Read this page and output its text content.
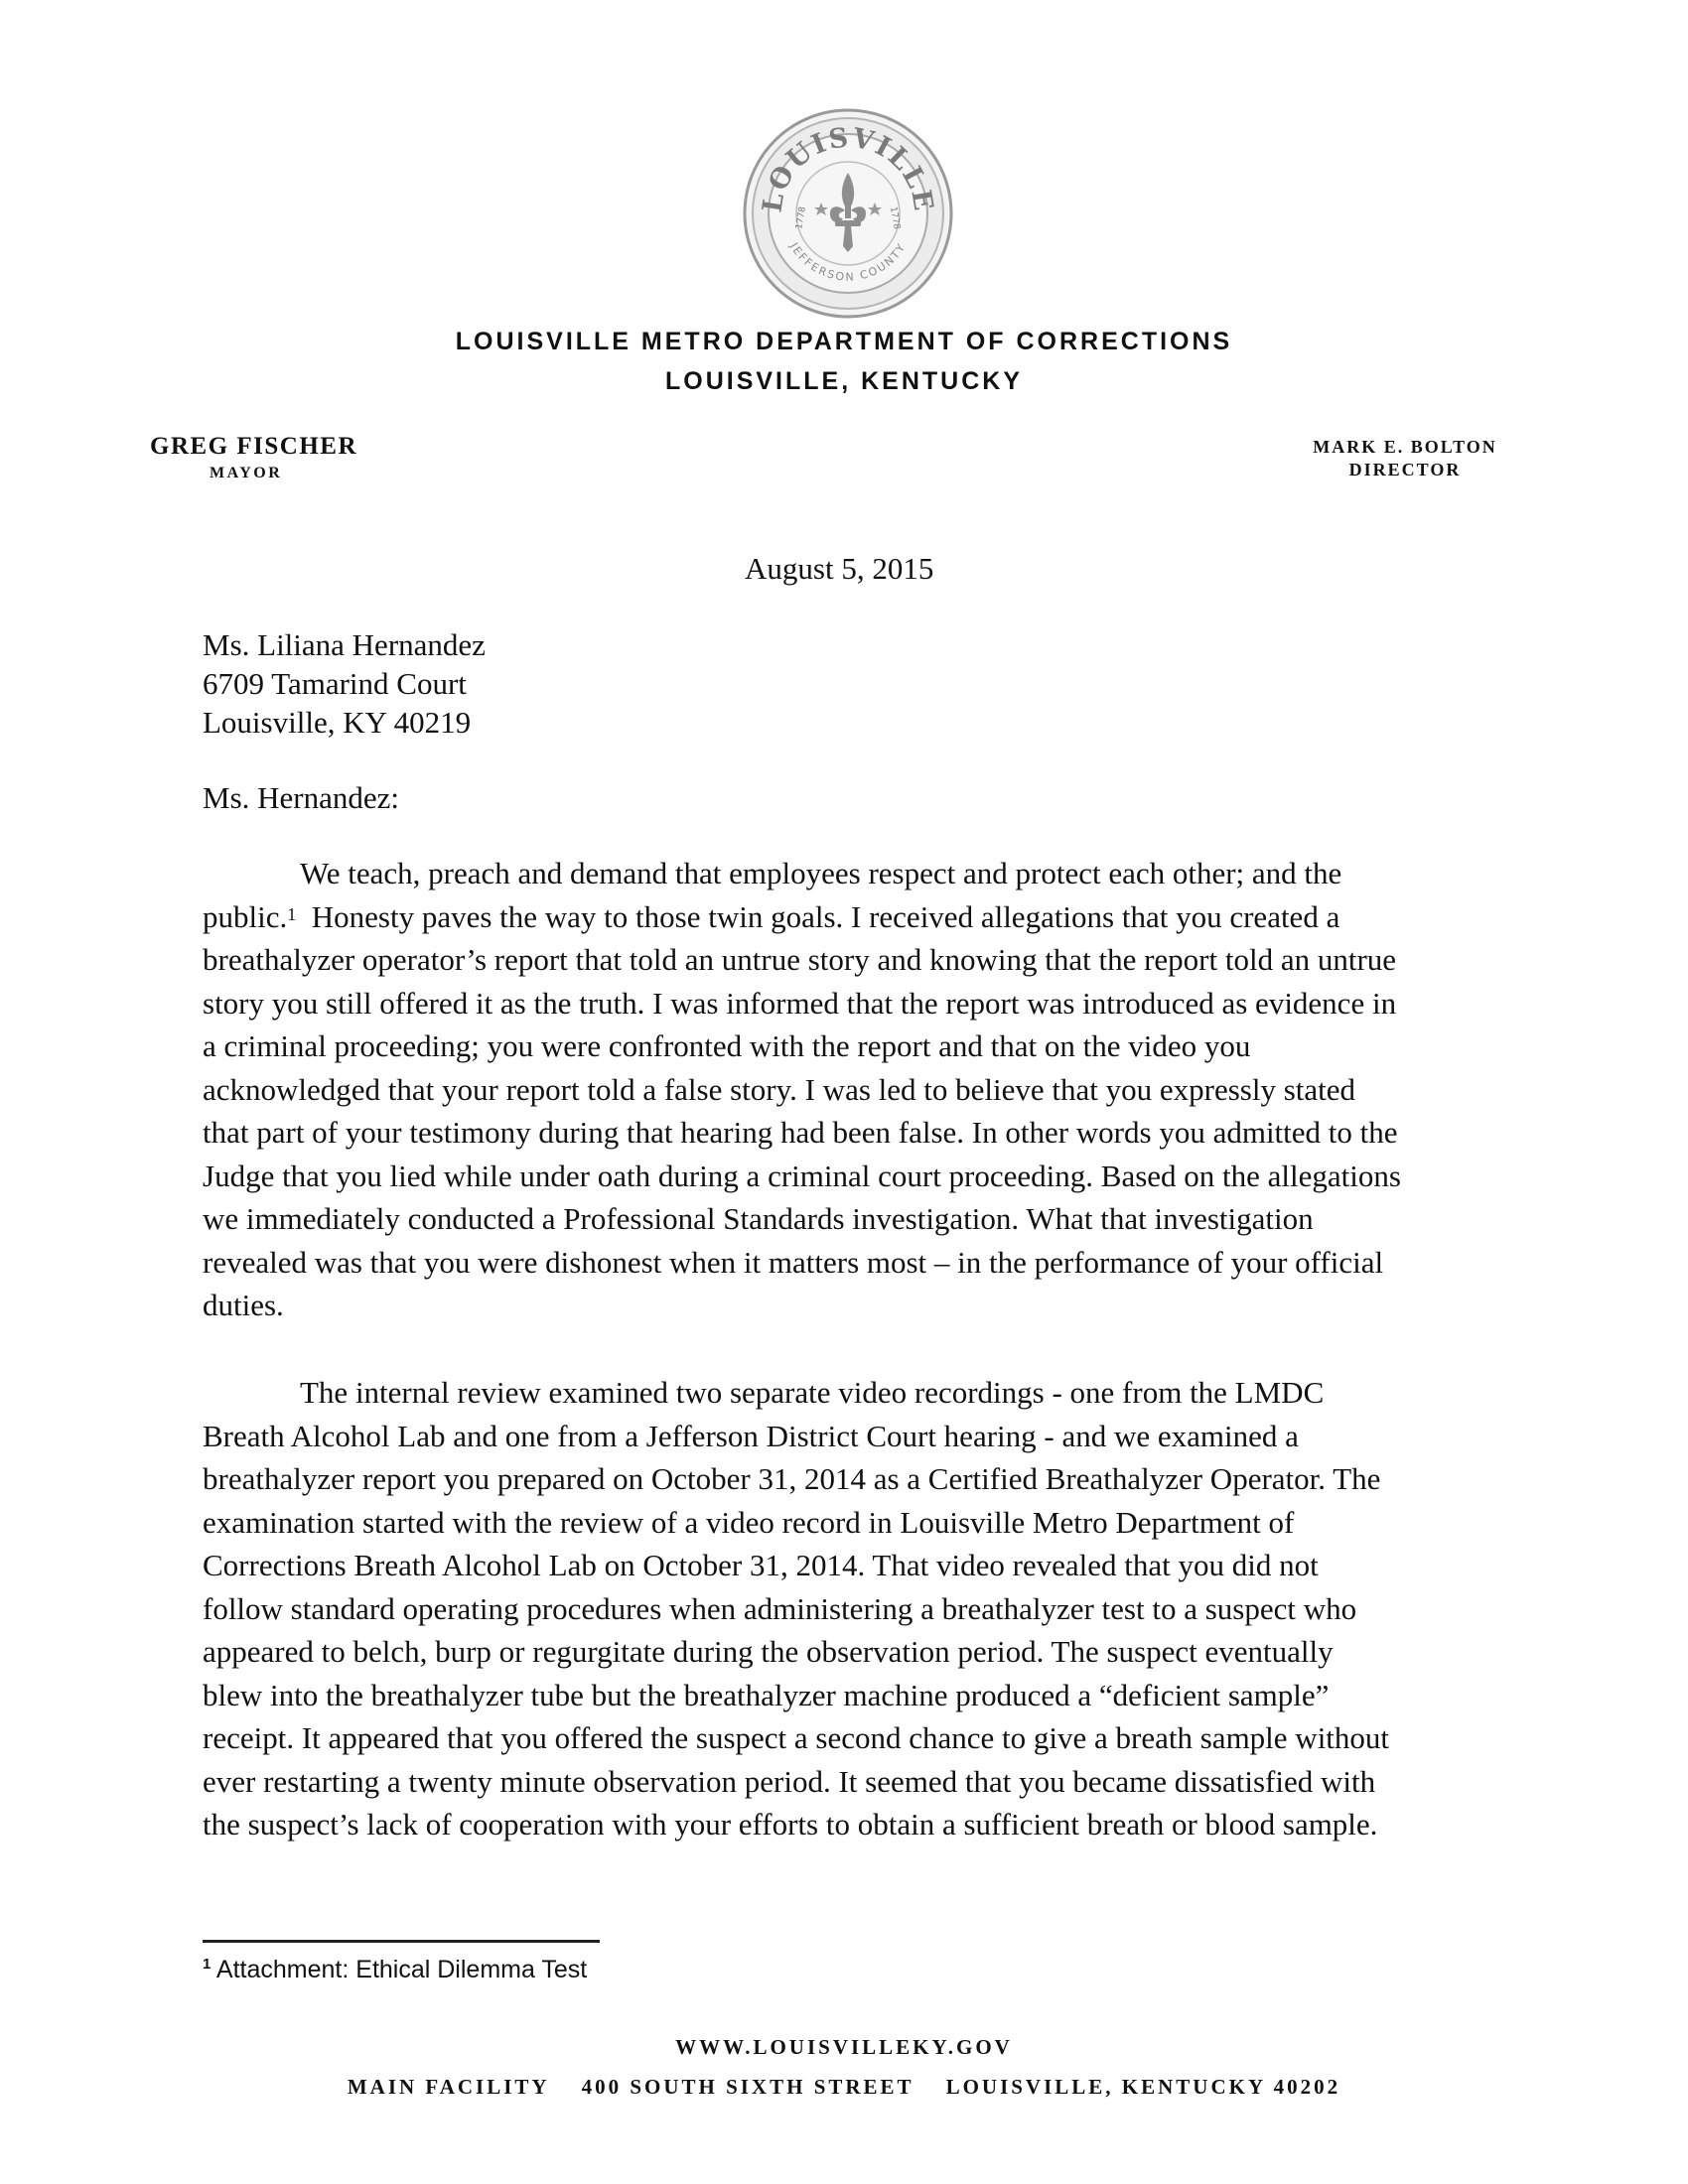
LOUISVILLE
JEFFERSON COUNTY
1778	1778
LOUISVILLE METRO DEPARTMENT OF CORRECTIONS
LOUISVILLE, KENTUCKY
GREG FISCHER
MAYOR
MARK E. BOLTON
DIRECTOR
August 5, 2015
Ms. Liliana Hernandez
6709 Tamarind Court
Louisville, KY 40219
Ms. Hernandez:
We teach, preach and demand that employees respect and protect each other; and the
public.$^1$  Honesty paves the way to those twin goals. I received allegations that you created a
breathalyzer operator’s report that told an untrue story and knowing that the report told an untrue
story you still offered it as the truth. I was informed that the report was introduced as evidence in
a criminal proceeding; you were confronted with the report and that on the video you
acknowledged that your report told a false story. I was led to believe that you expressly stated
that part of your testimony during that hearing had been false. In other words you admitted to the
Judge that you lied while under oath during a criminal court proceeding. Based on the allegations
we immediately conducted a Professional Standards investigation. What that investigation
revealed was that you were dishonest when it matters most – in the performance of your official
duties.
The internal review examined two separate video recordings - one from the LMDC
Breath Alcohol Lab and one from a Jefferson District Court hearing - and we examined a
breathalyzer report you prepared on October 31, 2014 as a Certified Breathalyzer Operator. The
examination started with the review of a video record in Louisville Metro Department of
Corrections Breath Alcohol Lab on October 31, 2014. That video revealed that you did not
follow standard operating procedures when administering a breathalyzer test to a suspect who
appeared to belch, burp or regurgitate during the observation period. The suspect eventually
blew into the breathalyzer tube but the breathalyzer machine produced a “deficient sample”
receipt. It appeared that you offered the suspect a second chance to give a breath sample without
ever restarting a twenty minute observation period. It seemed that you became dissatisfied with
the suspect’s lack of cooperation with your efforts to obtain a sufficient breath or blood sample.
$^1$ Attachment: Ethical Dilemma Test
WWW.LOUISVILLEKY.GOV
MAIN FACILITY 400 SOUTH SIXTH STREET LOUISVILLE, KENTUCKY 40202
